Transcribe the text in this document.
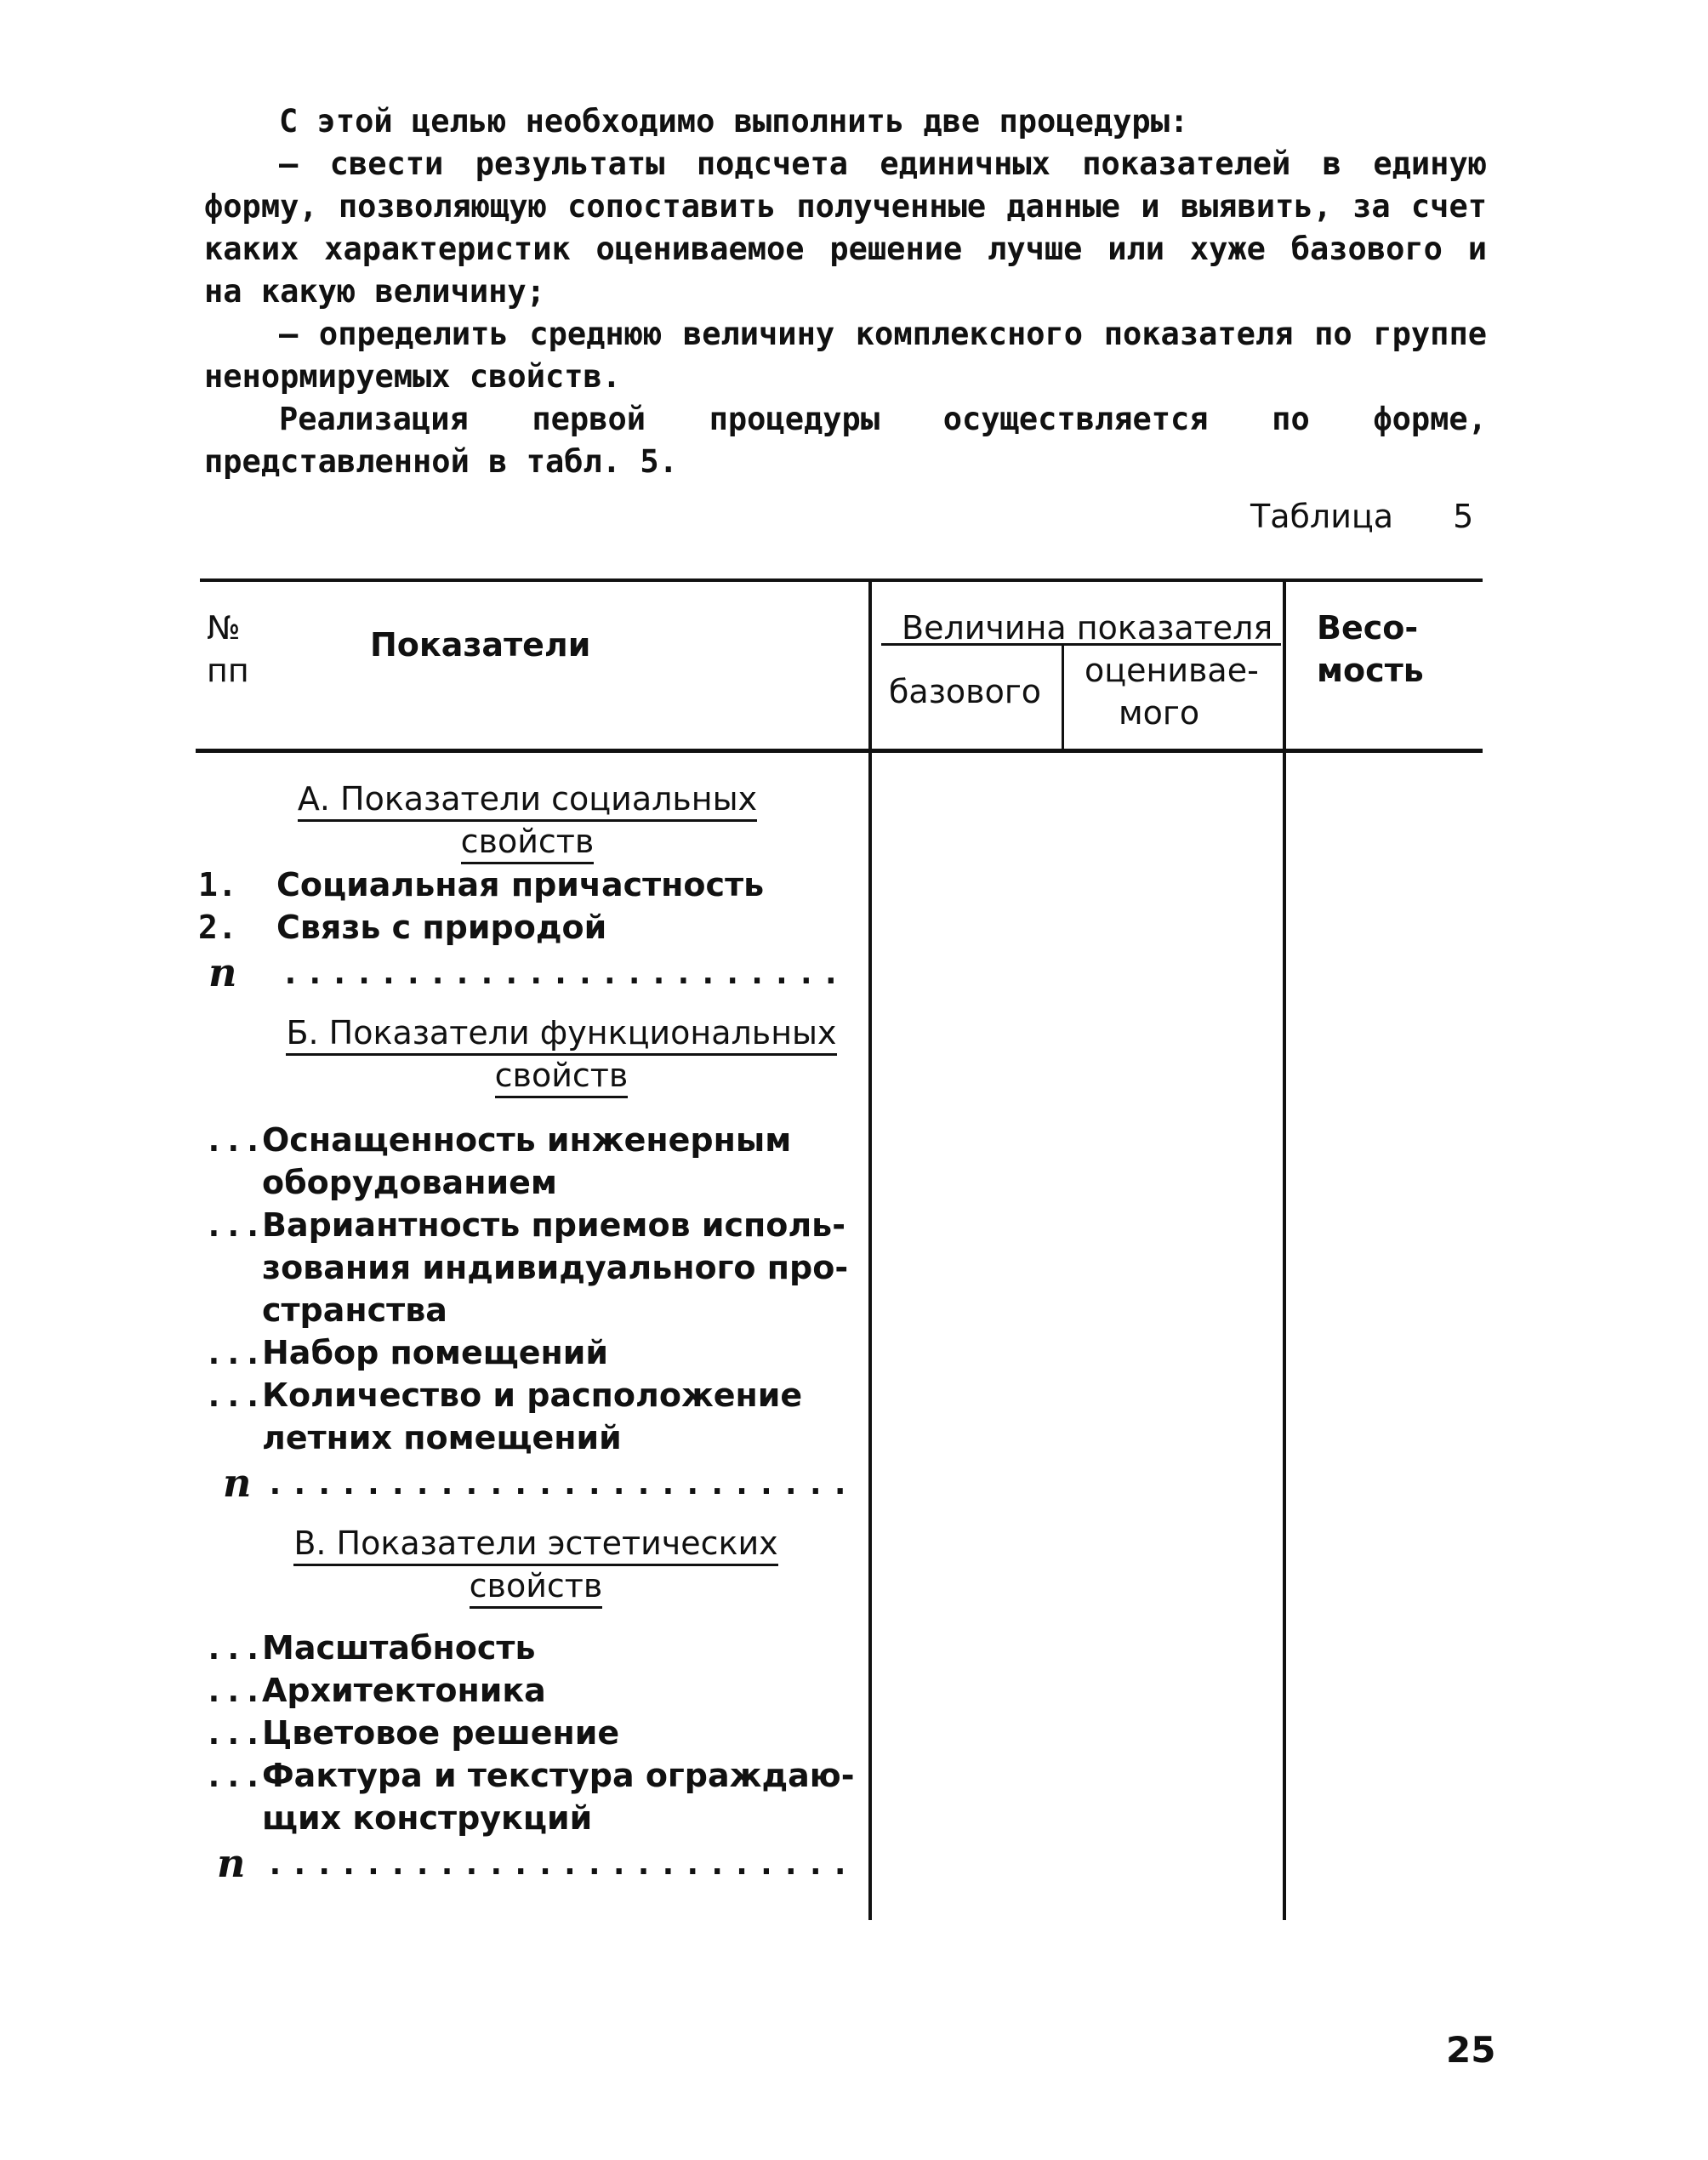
С этой целью необходимо выполнить две процедуры:
– свести результаты подсчета единичных показателей в единую форму, позволяющую сопоставить полученные данные и выявить, за счет каких характеристик оцениваемое решение лучше или хуже базового и на какую величину;
– определить среднюю величину комплексного показателя по группе ненормируемых свойств.
Реализация первой процедуры осуществляется по форме, представленной в табл. 5.
Таблица 5
№
пп
Показатели	Величина показателя
базового
оценивае-
мого
Весо-
мость
А. Показатели социальных
свойств
1. Социальная причастность
2. Связь с природой
n .......................
Б. Показатели функциональных
свойств
... Оснащенность инженерным
оборудованием
... Вариантность приемов исполь-
зования индивидуального про-
странства
... Набор помещений
... Количество и расположение
летних помещений
n ........................
В. Показатели эстетических
свойств
... Масштабность
... Архитектоника
... Цветовое решение
... Фактура и текстура ограждаю-
щих конструкций
n ........................
25
